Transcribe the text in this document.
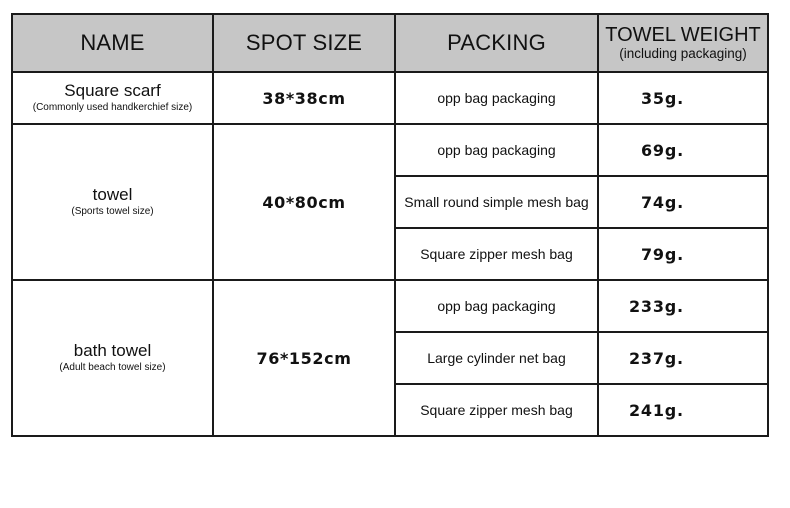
NAME	SPOT SIZE	PACKING	TOWEL WEIGHT
(including packaging)

Square scarf
(Commonly used handkerchief size)	38*38cm	opp bag packaging	35g.

towel
(Sports towel size)	40*80cm	opp bag packaging	69g.
		Small round simple mesh bag	74g.
		Square zipper mesh bag	79g.

bath towel
(Adult beach towel size)	76*152cm	opp bag packaging	233g.
		Large cylinder net bag	237g.
		Square zipper mesh bag	241g.
